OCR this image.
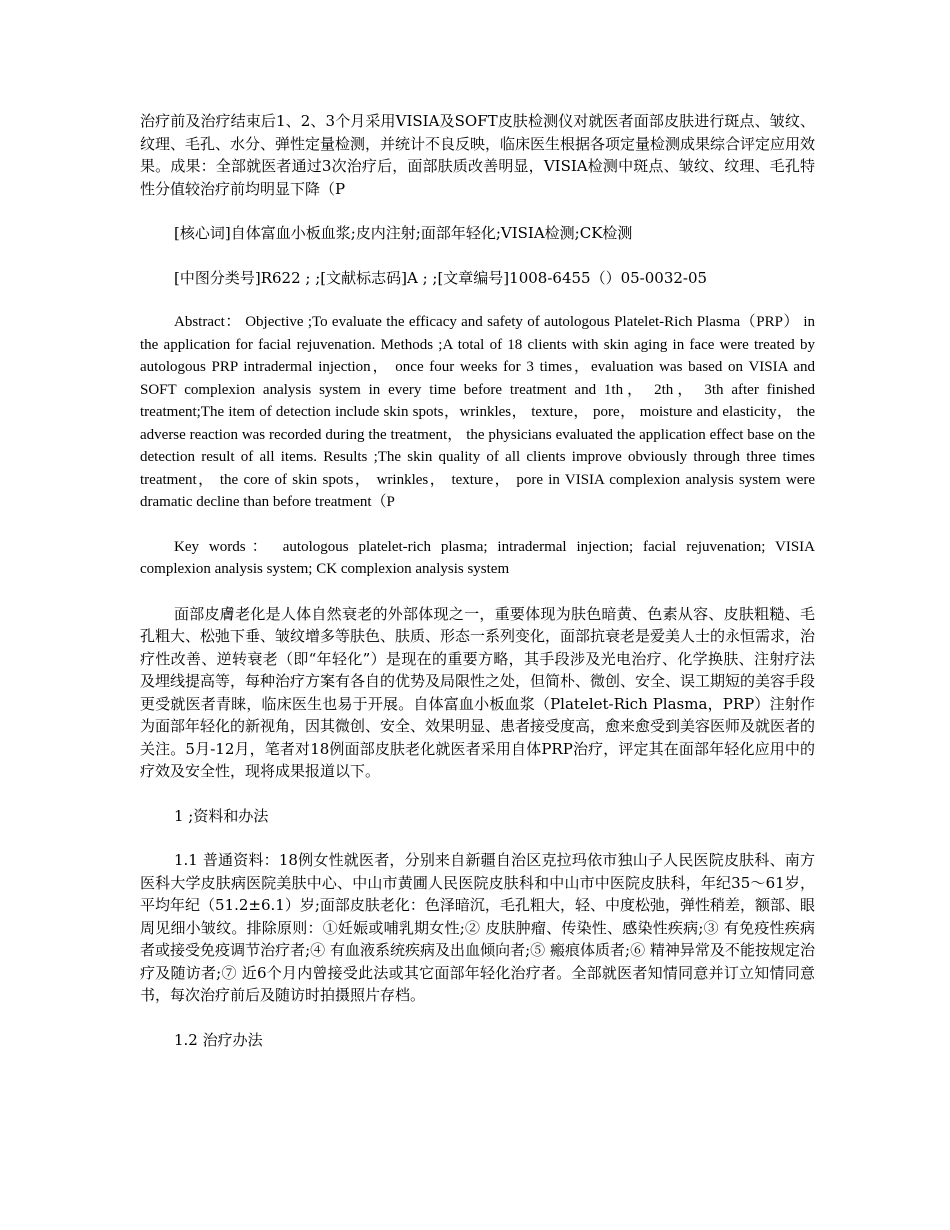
治疗前及治疗结束后1、2、3个月采用VISIA及SOFT皮肤检测仪对就医者面部皮肤进行斑点、皱纹、纹理、毛孔、水分、弹性定量检测，并统计不良反映，临床医生根据各项定量检测成果综合评定应用效果。成果：全部就医者通过3次治疗后，面部肤质改善明显，VISIA检测中斑点、皱纹、纹理、毛孔特性分值较治疗前均明显下降（P

[核心词]自体富血小板血浆;皮内注射;面部年轻化;VISIA检测;CK检测

[中图分类号]R622 ; ;[文献标志码]A ; ;[文章编号]1008-6455（）05-0032-05

Abstract： Objective ;To evaluate the efficacy and safety of autologous Platelet-Rich Plasma（PRP） in the application for facial rejuvenation. Methods ;A total of 18 clients with skin aging in face were treated by autologous PRP intradermal injection， once four weeks for 3 times，evaluation was based on VISIA and SOFT complexion analysis system in every time before treatment and 1th， 2th， 3th after finished treatment;The item of detection include skin spots，wrinkles， texture， pore， moisture and elasticity， the adverse reaction was recorded during the treatment， the physicians evaluated the application effect base on the detection result of all items. Results ;The skin quality of all clients improve obviously through three times treatment， the core of skin spots， wrinkles， texture， pore in VISIA complexion analysis system were dramatic decline than before treatment（P

Key words： autologous platelet-rich plasma; intradermal injection; facial rejuvenation; VISIA complexion analysis system; CK complexion analysis system

面部皮膚老化是人体自然衰老的外部体现之一，重要体现为肤色暗黄、色素从容、皮肤粗糙、毛孔粗大、松弛下垂、皱纹增多等肤色、肤质、形态一系列变化，面部抗衰老是爱美人士的永恒需求，治疗性改善、逆转衰老（即“年轻化”）是现在的重要方略，其手段涉及光电治疗、化学换肤、注射疗法及埋线提高等，每种治疗方案有各自的优势及局限性之处，但简朴、微创、安全、误工期短的美容手段更受就医者青睐，临床医生也易于开展。自体富血小板血浆（Platelet-Rich Plasma，PRP）注射作为面部年轻化的新视角，因其微创、安全、效果明显、患者接受度高，愈来愈受到美容医师及就医者的关注。5月-12月，笔者对18例面部皮肤老化就医者采用自体PRP治疗，评定其在面部年轻化应用中的疗效及安全性，现将成果报道以下。

1 ;资料和办法

1.1 普通资料：18例女性就医者，分别来自新疆自治区克拉玛依市独山子人民医院皮肤科、南方医科大学皮肤病医院美肤中心、中山市黄圃人民医院皮肤科和中山市中医院皮肤科，年纪35～61岁，平均年纪（51.2±6.1）岁;面部皮肤老化：色泽暗沉，毛孔粗大，轻、中度松弛，弹性稍差，额部、眼周见细小皱纹。排除原则：①妊娠或哺乳期女性;② 皮肤肿瘤、传染性、感染性疾病;③ 有免疫性疾病者或接受免疫调节治疗者;④ 有血液系统疾病及出血倾向者;⑤ 瘢痕体质者;⑥ 精神异常及不能按规定治疗及随访者;⑦ 近6个月内曾接受此法或其它面部年轻化治疗者。全部就医者知情同意并订立知情同意书，每次治疗前后及随访时拍摄照片存档。

1.2 治疗办法
